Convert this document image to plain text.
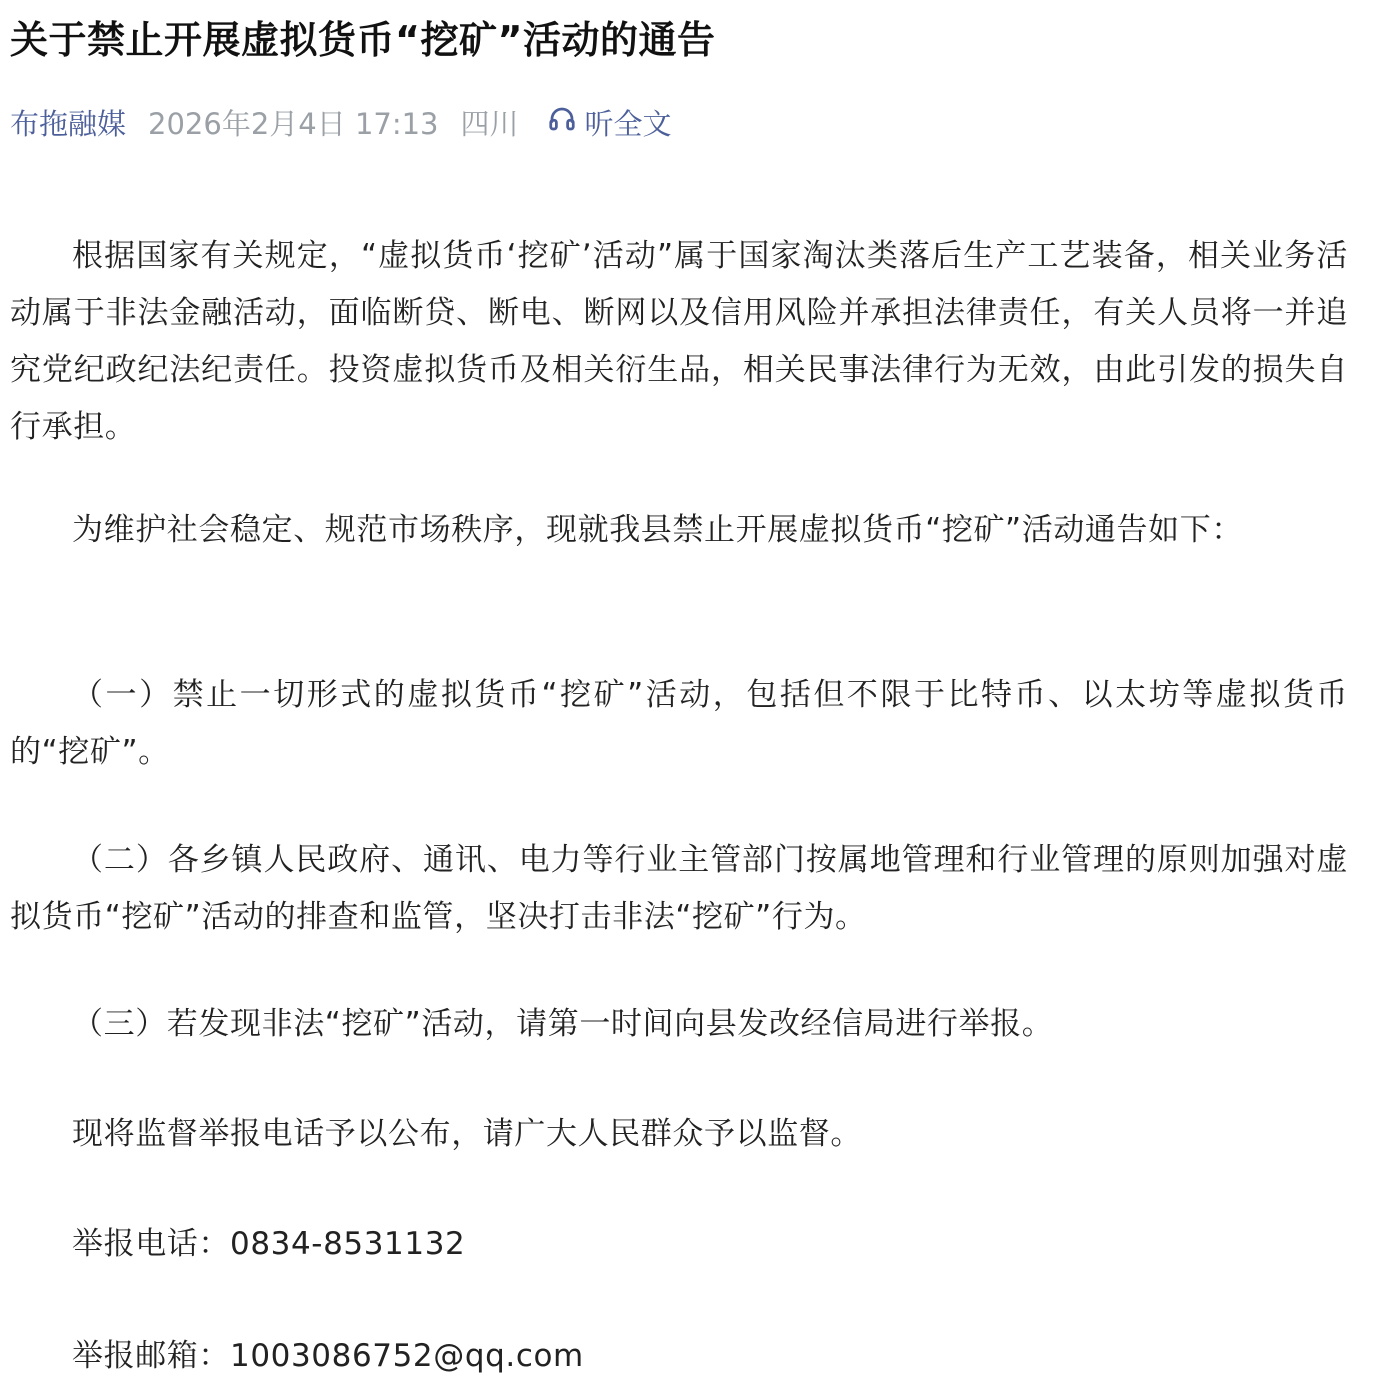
关于禁止开展虚拟货币“挖矿”活动的通告
布拖融媒 2026年2月4日 17:13 四川 听全文

根据国家有关规定，“虚拟货币‘挖矿’活动”属于国家淘汰类落后生产工艺装备，相关业务活动属于非法金融活动，面临断贷、断电、断网以及信用风险并承担法律责任，有关人员将一并追究党纪政纪法纪责任。投资虚拟货币及相关衍生品，相关民事法律行为无效，由此引发的损失自行承担。

为维护社会稳定、规范市场秩序，现就我县禁止开展虚拟货币“挖矿”活动通告如下：

（一）禁止一切形式的虚拟货币“挖矿”活动，包括但不限于比特币、以太坊等虚拟货币的“挖矿”。

（二）各乡镇人民政府、通讯、电力等行业主管部门按属地管理和行业管理的原则加强对虚拟货币“挖矿”活动的排查和监管，坚决打击非法“挖矿”行为。

（三）若发现非法“挖矿”活动，请第一时间向县发改经信局进行举报。

现将监督举报电话予以公布，请广大人民群众予以监督。

举报电话：0834-8531132

举报邮箱：1003086752@qq.com
